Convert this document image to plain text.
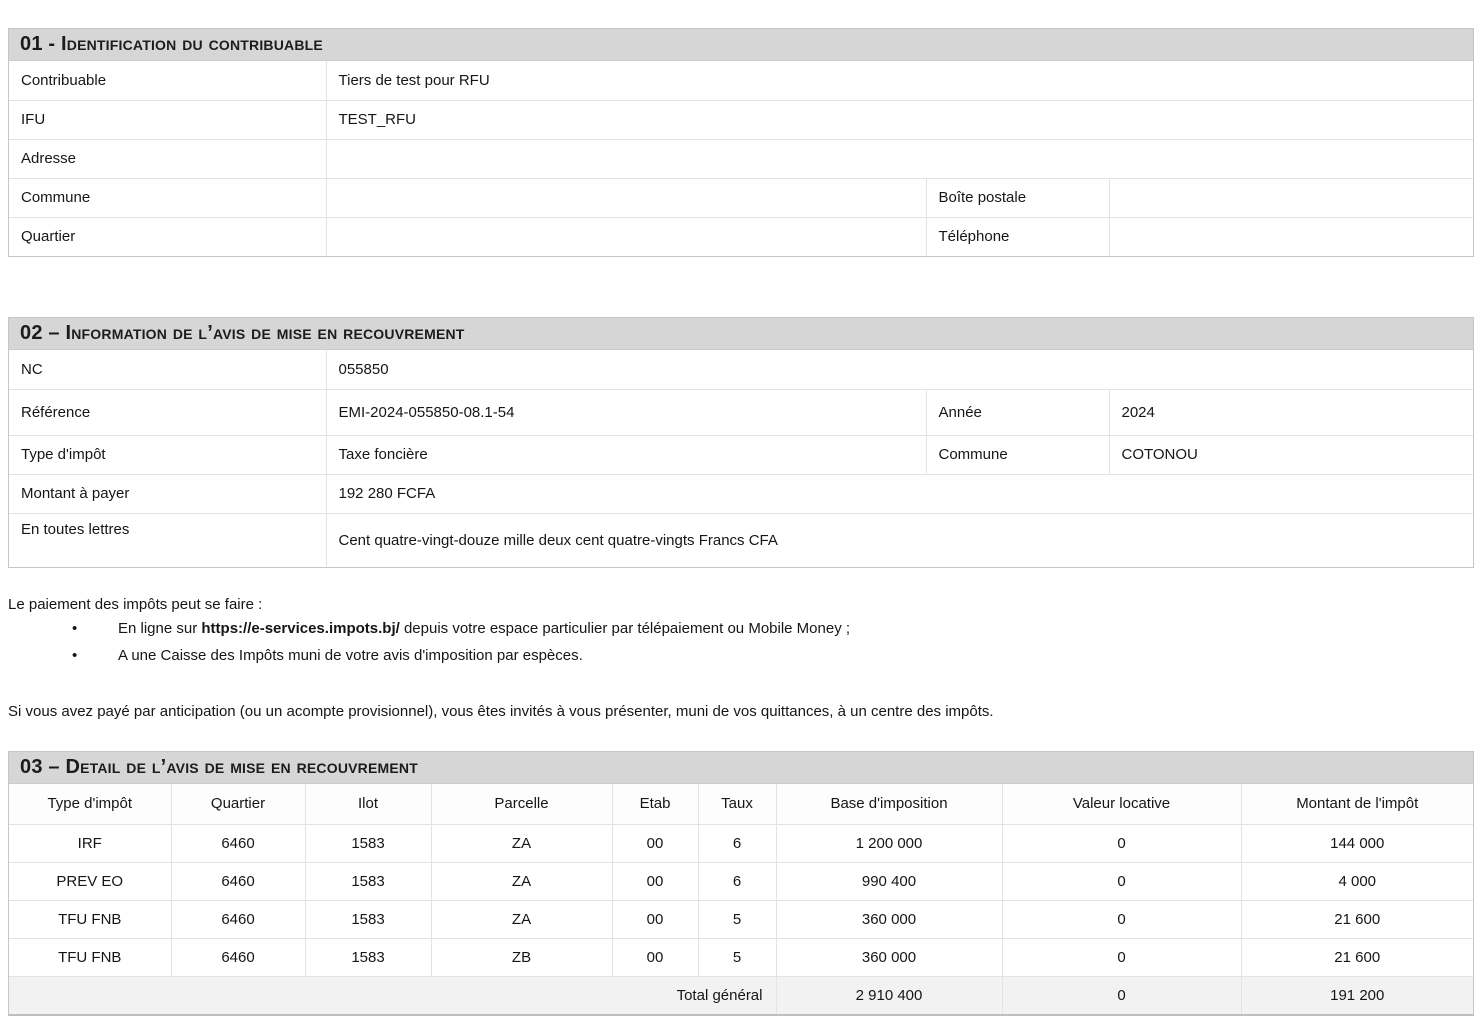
01 - Identification du contribuable
Contribuable	Tiers de test pour RFU		
IFU	TEST_RFU		
Adresse			
Commune		Boîte postale	
Quartier		Téléphone	
02 – Information de l’avis de mise en recouvrement
NC	055850		
Référence	EMI-2024-055850-08.1-54	Année	2024
Type d'impôt	Taxe foncière	Commune	COTONOU
Montant à payer	192 280 FCFA		
En toutes lettres	Cent quatre-vingt-douze mille deux cent quatre-vingts Francs CFA		
Le paiement des impôts peut se faire :
•	En ligne sur https://e-services.impots.bj/ depuis votre espace particulier par télépaiement ou Mobile Money ;
•	A une Caisse des Impôts muni de votre avis d'imposition par espèces.
Si vous avez payé par anticipation (ou un acompte provisionnel), vous êtes invités à vous présenter, muni de vos quittances, à un centre des impôts.
03 – Detail de l’avis de mise en recouvrement
Type d'impôt	Quartier	Ilot	Parcelle	Etab	Taux	Base d'imposition	Valeur locative	Montant de l'impôt
IRF	6460	1583	ZA	00	6	1 200 000	0	144 000
PREV EO	6460	1583	ZA	00	6	990 400	0	4 000
TFU FNB	6460	1583	ZA	00	5	360 000	0	21 600
TFU FNB	6460	1583	ZB	00	5	360 000	0	21 600
Total général						2 910 400	0	191 200
